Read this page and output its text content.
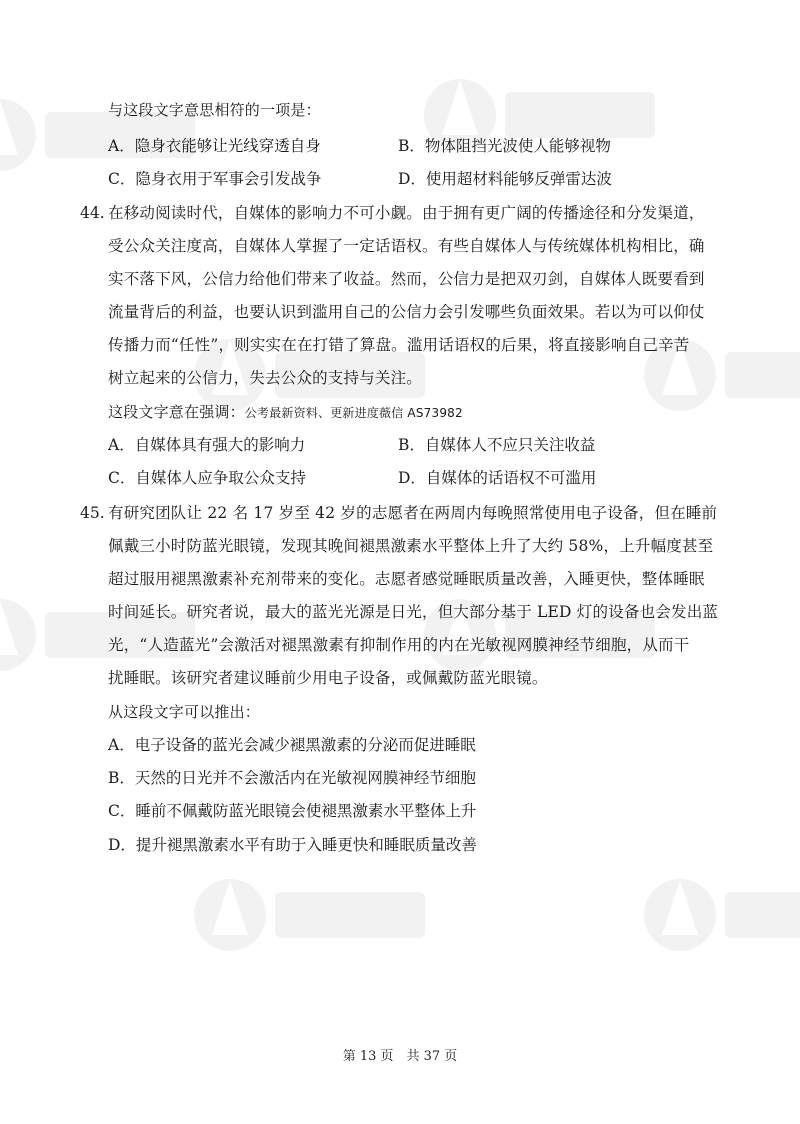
与这段文字意思相符的一项是：
A．隐身衣能够让光线穿透自身	B．物体阻挡光波使人能够视物
C．隐身衣用于军事会引发战争	D．使用超材料能够反弹雷达波
44. 在移动阅读时代，自媒体的影响力不可小觑。由于拥有更广阔的传播途径和分发渠道，
受公众关注度高，自媒体人掌握了一定话语权。有些自媒体人与传统媒体机构相比，确
实不落下风，公信力给他们带来了收益。然而，公信力是把双刃剑，自媒体人既要看到
流量背后的利益，也要认识到滥用自己的公信力会引发哪些负面效果。若以为可以仰仗
传播力而“任性”，则实实在在打错了算盘。滥用话语权的后果，将直接影响自己辛苦
树立起来的公信力，失去公众的支持与关注。
这段文字意在强调：公考最新资料、更新进度薇信 AS73982
A．自媒体具有强大的影响力	B．自媒体人不应只关注收益
C．自媒体人应争取公众支持	D．自媒体的话语权不可滥用
45. 有研究团队让 22 名 17 岁至 42 岁的志愿者在两周内每晚照常使用电子设备，但在睡前
佩戴三小时防蓝光眼镜，发现其晚间褪黑激素水平整体上升了大约 58%，上升幅度甚至
超过服用褪黑激素补充剂带来的变化。志愿者感觉睡眠质量改善，入睡更快，整体睡眠
时间延长。研究者说，最大的蓝光光源是日光，但大部分基于 LED 灯的设备也会发出蓝
光，“人造蓝光”会激活对褪黑激素有抑制作用的内在光敏视网膜神经节细胞，从而干
扰睡眠。该研究者建议睡前少用电子设备，或佩戴防蓝光眼镜。
从这段文字可以推出：
A．电子设备的蓝光会减少褪黑激素的分泌而促进睡眠
B．天然的日光并不会激活内在光敏视网膜神经节细胞
C．睡前不佩戴防蓝光眼镜会使褪黑激素水平整体上升
D．提升褪黑激素水平有助于入睡更快和睡眠质量改善
第 13 页　共 37 页
